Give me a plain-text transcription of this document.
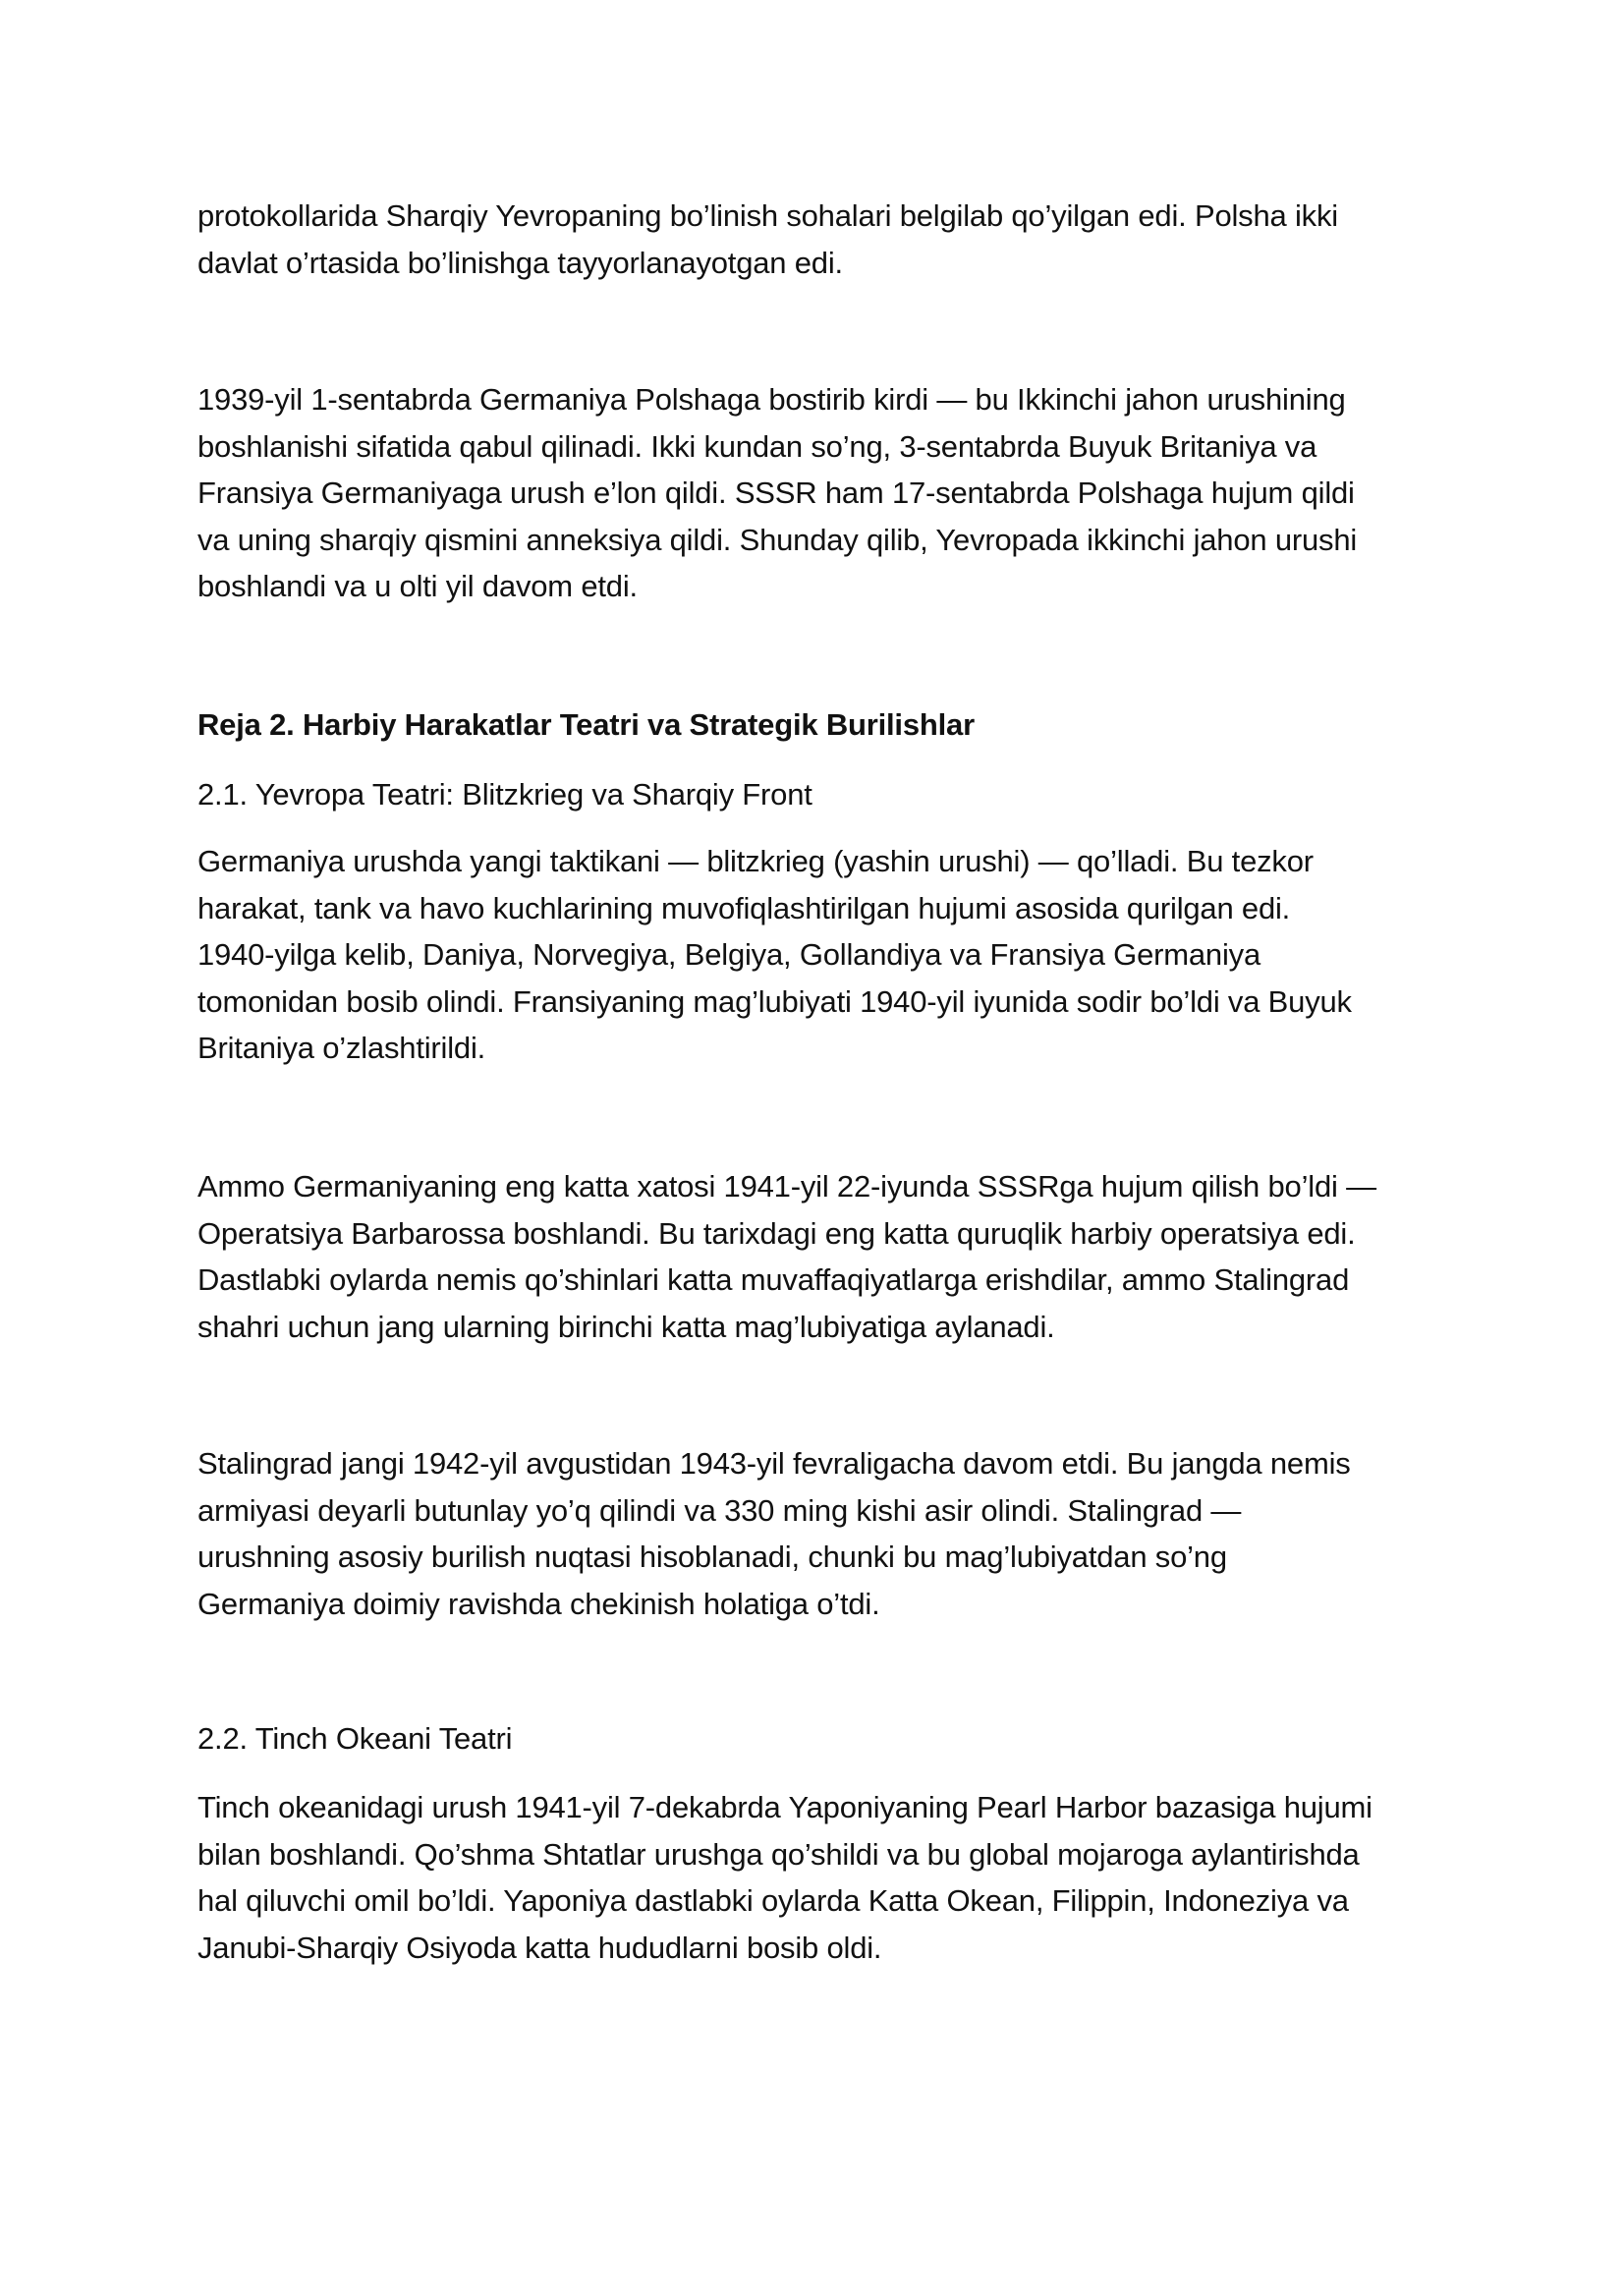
protokollarida Sharqiy Yevropaning bo’linish sohalari belgilab qo’yilgan edi. Polsha ikki
davlat o’rtasida bo’linishga tayyorlanayotgan edi.

1939-yil 1-sentabrda Germaniya Polshaga bostirib kirdi — bu Ikkinchi jahon urushining
boshlanishi sifatida qabul qilinadi. Ikki kundan so’ng, 3-sentabrda Buyuk Britaniya va
Fransiya Germaniyaga urush e’lon qildi. SSSR ham 17-sentabrda Polshaga hujum qildi
va uning sharqiy qismini anneksiya qildi. Shunday qilib, Yevropada ikkinchi jahon urushi
boshlandi va u olti yil davom etdi.

Reja 2. Harbiy Harakatlar Teatri va Strategik Burilishlar

2.1. Yevropa Teatri: Blitzkrieg va Sharqiy Front

Germaniya urushda yangi taktikani — blitzkrieg (yashin urushi) — qo’lladi. Bu tezkor
harakat, tank va havo kuchlarining muvofiqlashtirilgan hujumi asosida qurilgan edi.
1940-yilga kelib, Daniya, Norvegiya, Belgiya, Gollandiya va Fransiya Germaniya
tomonidan bosib olindi. Fransiyaning mag’lubiyati 1940-yil iyunida sodir bo’ldi va Buyuk
Britaniya o’zlashtirildi.

Ammo Germaniyaning eng katta xatosi 1941-yil 22-iyunda SSSRga hujum qilish bo’ldi —
Operatsiya Barbarossa boshlandi. Bu tarixdagi eng katta quruqlik harbiy operatsiya edi.
Dastlabki oylarda nemis qo’shinlari katta muvaffaqiyatlarga erishdilar, ammo Stalingrad
shahri uchun jang ularning birinchi katta mag’lubiyatiga aylanadi.

Stalingrad jangi 1942-yil avgustidan 1943-yil fevraligacha davom etdi. Bu jangda nemis
armiyasi deyarli butunlay yo’q qilindi va 330 ming kishi asir olindi. Stalingrad —
urushning asosiy burilish nuqtasi hisoblanadi, chunki bu mag’lubiyatdan so’ng
Germaniya doimiy ravishda chekinish holatiga o’tdi.

2.2. Tinch Okeani Teatri

Tinch okeanidagi urush 1941-yil 7-dekabrda Yaponiyaning Pearl Harbor bazasiga hujumi
bilan boshlandi. Qo’shma Shtatlar urushga qo’shildi va bu global mojaroga aylantirishda
hal qiluvchi omil bo’ldi. Yaponiya dastlabki oylarda Katta Okean, Filippin, Indoneziya va
Janubi-Sharqiy Osiyoda katta hududlarni bosib oldi.
